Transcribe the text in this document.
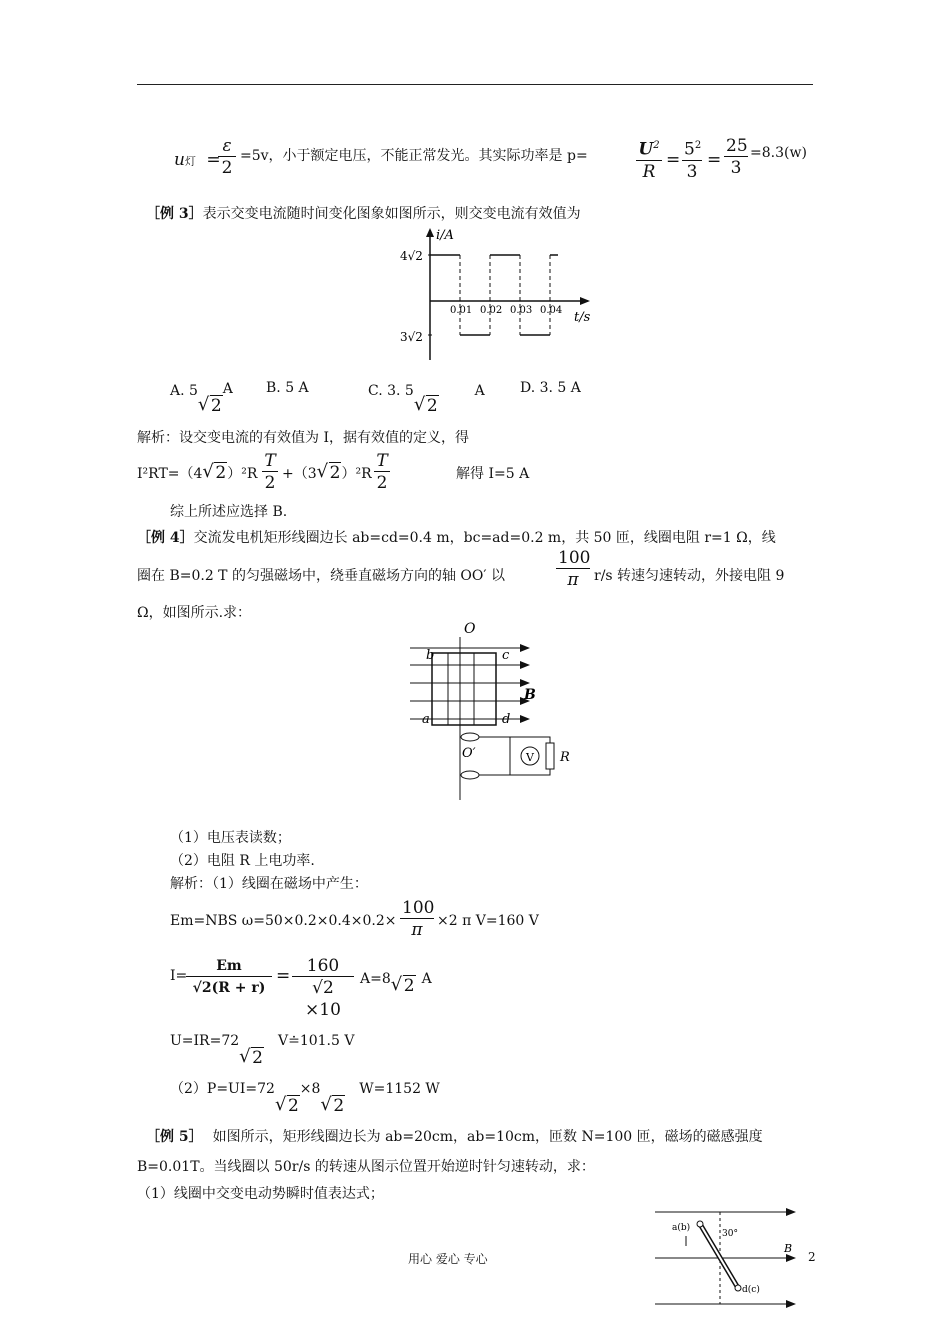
u灯 =
$\frac{\varepsilon}{2} =5v$，小于额定电压，不能正常发光。其实际功率是 p=	$\frac{U^2}{R} = \frac{5^2}{3} = \frac{25}{3} =8.3(w)$
［例 3］表示交变电流随时间变化图象如图所示，则交变电流有效值为
i/A
t/s
4√2
3√2
0.01 0.02 0.03 0.04
A. 5√ 2A B. 5 A	C. 3. 5√ 2A	D. 3. 5 A
解析：设交变电流的有效值为 I，据有效值的定义，得
I²RT=（4√ $2)^2R \frac{T}{2} +(3√$ $2)^2R \frac{T}{2}$	解得 I=5 A
综上所述应选择 B.
［例 4］交流发电机矩形线圈边长 ab=cd=0.4 m，bc=ad=0.2 m，共 50 匝，线圈电阻 r=1 Ω，线
圈在 B=0.2 T 的匀强磁场中，绕垂直磁场方向的轴 OO′ 以	$\frac{100}{\pi} r/s$ 转速匀速转动，外接电阻 9
Ω，如图所示.求：
O
b	c
a	d
B
O′	V R
（1）电压表读数；
（2）电阻 R 上电功率.
解析：（1）线圈在磁场中产生：
Em=NBS $\omega=50\times 0.2\times 0.4\times 0.2\times \frac{100}{\pi} \times 2$ π V=160 V
I=
$\frac{Em}{√2(R + r)} = \frac{160}{√2 \times 10} A=8√$ 2 A
U=IR=72√ 2V≐101.5 V
（2）P=UI=72√ 2×8√ 2W=1152 W
［例 5］ 如图所示，矩形线圈边长为 ab=20cm，ab=10cm，匝数 N=100 匝，磁场的磁感强度
B=0.01T。当线圈以 50r/s 的转速从图示位置开始逆时针匀速转动，求：
（1）线圈中交变电动势瞬时值表达式；
a(b)
30°
d(c)
B
用心 爱心 专心	2
